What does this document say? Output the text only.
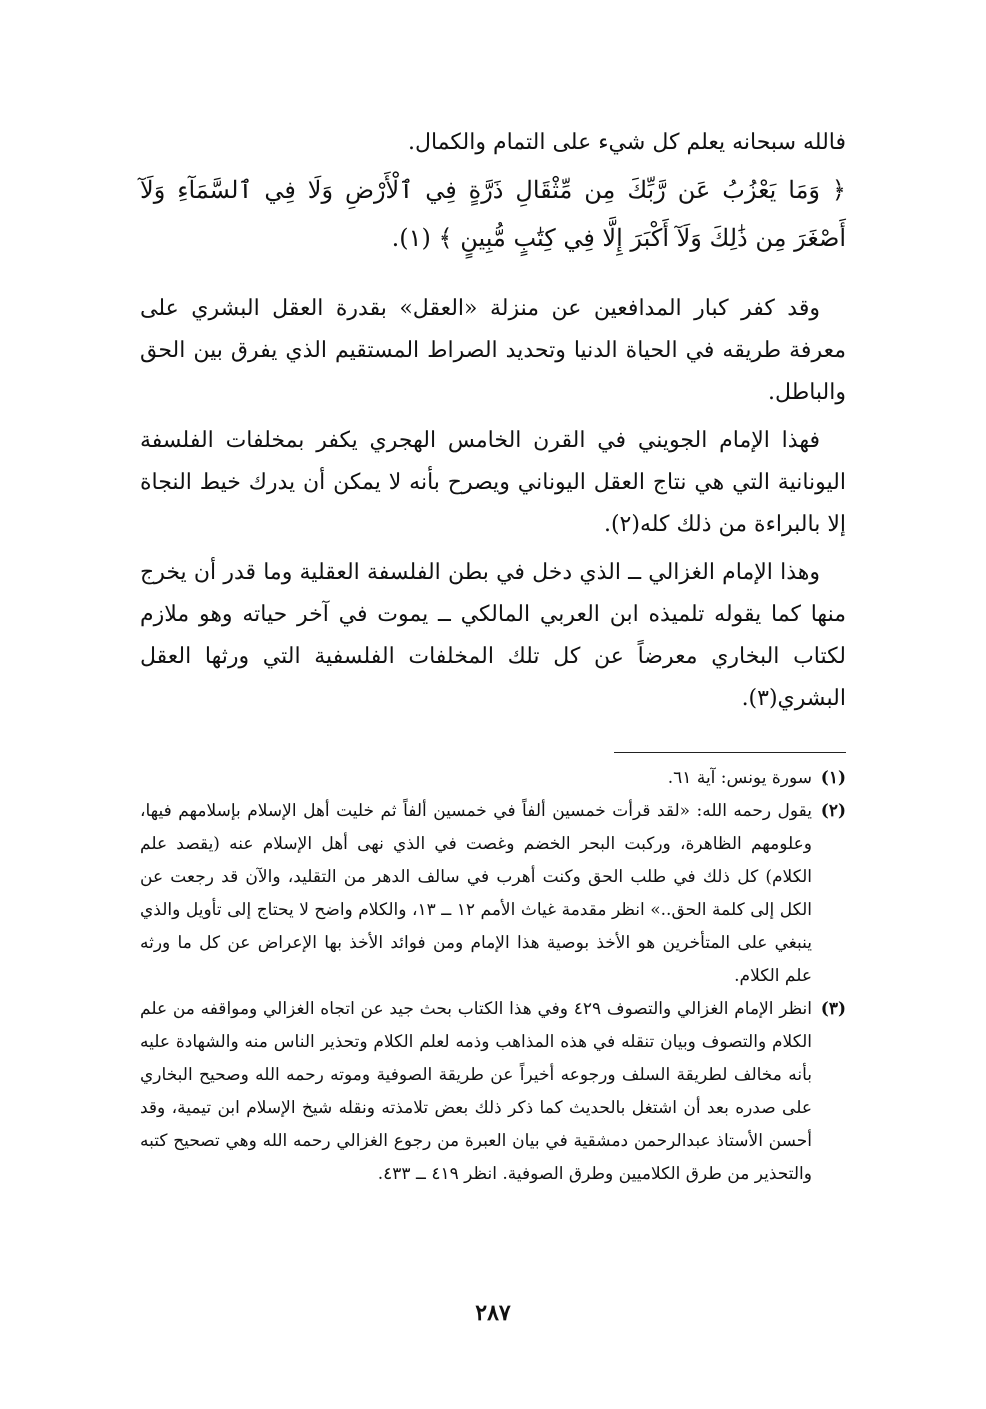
فالله سبحانه يعلم كل شيء على التمام والكمال.

﴿ وَمَا يَعْزُبُ عَن رَّبِّكَ مِن مِّثْقَالِ ذَرَّةٍ فِي ٱلْأَرْضِ وَلَا فِي ٱلسَّمَآءِ وَلَآ أَصْغَرَ مِن ذَٰلِكَ وَلَآ أَكْبَرَ إِلَّا فِي كِتَٰبٍ مُّبِينٍ ﴾ (١).

وقد كفر كبار المدافعين عن منزلة «العقل» بقدرة العقل البشري على معرفة طريقه في الحياة الدنيا وتحديد الصراط المستقيم الذي يفرق بين الحق والباطل.

فهذا الإمام الجويني في القرن الخامس الهجري يكفر بمخلفات الفلسفة اليونانية التي هي نتاج العقل اليوناني ويصرح بأنه لا يمكن أن يدرك خيط النجاة إلا بالبراءة من ذلك كله(٢).

وهذا الإمام الغزالي ــ الذي دخل في بطن الفلسفة العقلية وما قدر أن يخرج منها كما يقوله تلميذه ابن العربي المالكي ــ يموت في آخر حياته وهو ملازم لكتاب البخاري معرضاً عن كل تلك المخلفات الفلسفية التي ورثها العقل البشري(٣).

(١)
سورة يونس: آية ٦١.
(٢)
يقول رحمه الله: «لقد قرأت خمسين ألفاً في خمسين ألفاً ثم خليت أهل الإسلام بإسلامهم فيها، وعلومهم الظاهرة، وركبت البحر الخضم وغصت في الذي نهى أهل الإسلام عنه (يقصد علم الكلام) كل ذلك في طلب الحق وكنت أهرب في سالف الدهر من التقليد، والآن قد رجعت عن الكل إلى كلمة الحق..» انظر مقدمة غياث الأمم ١٢ ــ ١٣، والكلام واضح لا يحتاج إلى تأويل والذي ينبغي على المتأخرين هو الأخذ بوصية هذا الإمام ومن فوائد الأخذ بها الإعراض عن كل ما ورثه علم الكلام.
(٣)
انظر الإمام الغزالي والتصوف ٤٢٩ وفي هذا الكتاب بحث جيد عن اتجاه الغزالي ومواقفه من علم الكلام والتصوف وبيان تنقله في هذه المذاهب وذمه لعلم الكلام وتحذير الناس منه والشهادة عليه بأنه مخالف لطريقة السلف ورجوعه أخيراً عن طريقة الصوفية وموته رحمه الله وصحيح البخاري على صدره بعد أن اشتغل بالحديث كما ذكر ذلك بعض تلامذته ونقله شيخ الإسلام ابن تيمية، وقد أحسن الأستاذ عبدالرحمن دمشقية في بيان العبرة من رجوع الغزالي رحمه الله وهي تصحيح كتبه والتحذير من طرق الكلاميين وطرق الصوفية. انظر ٤١٩ ــ ٤٣٣.
٢٨٧
